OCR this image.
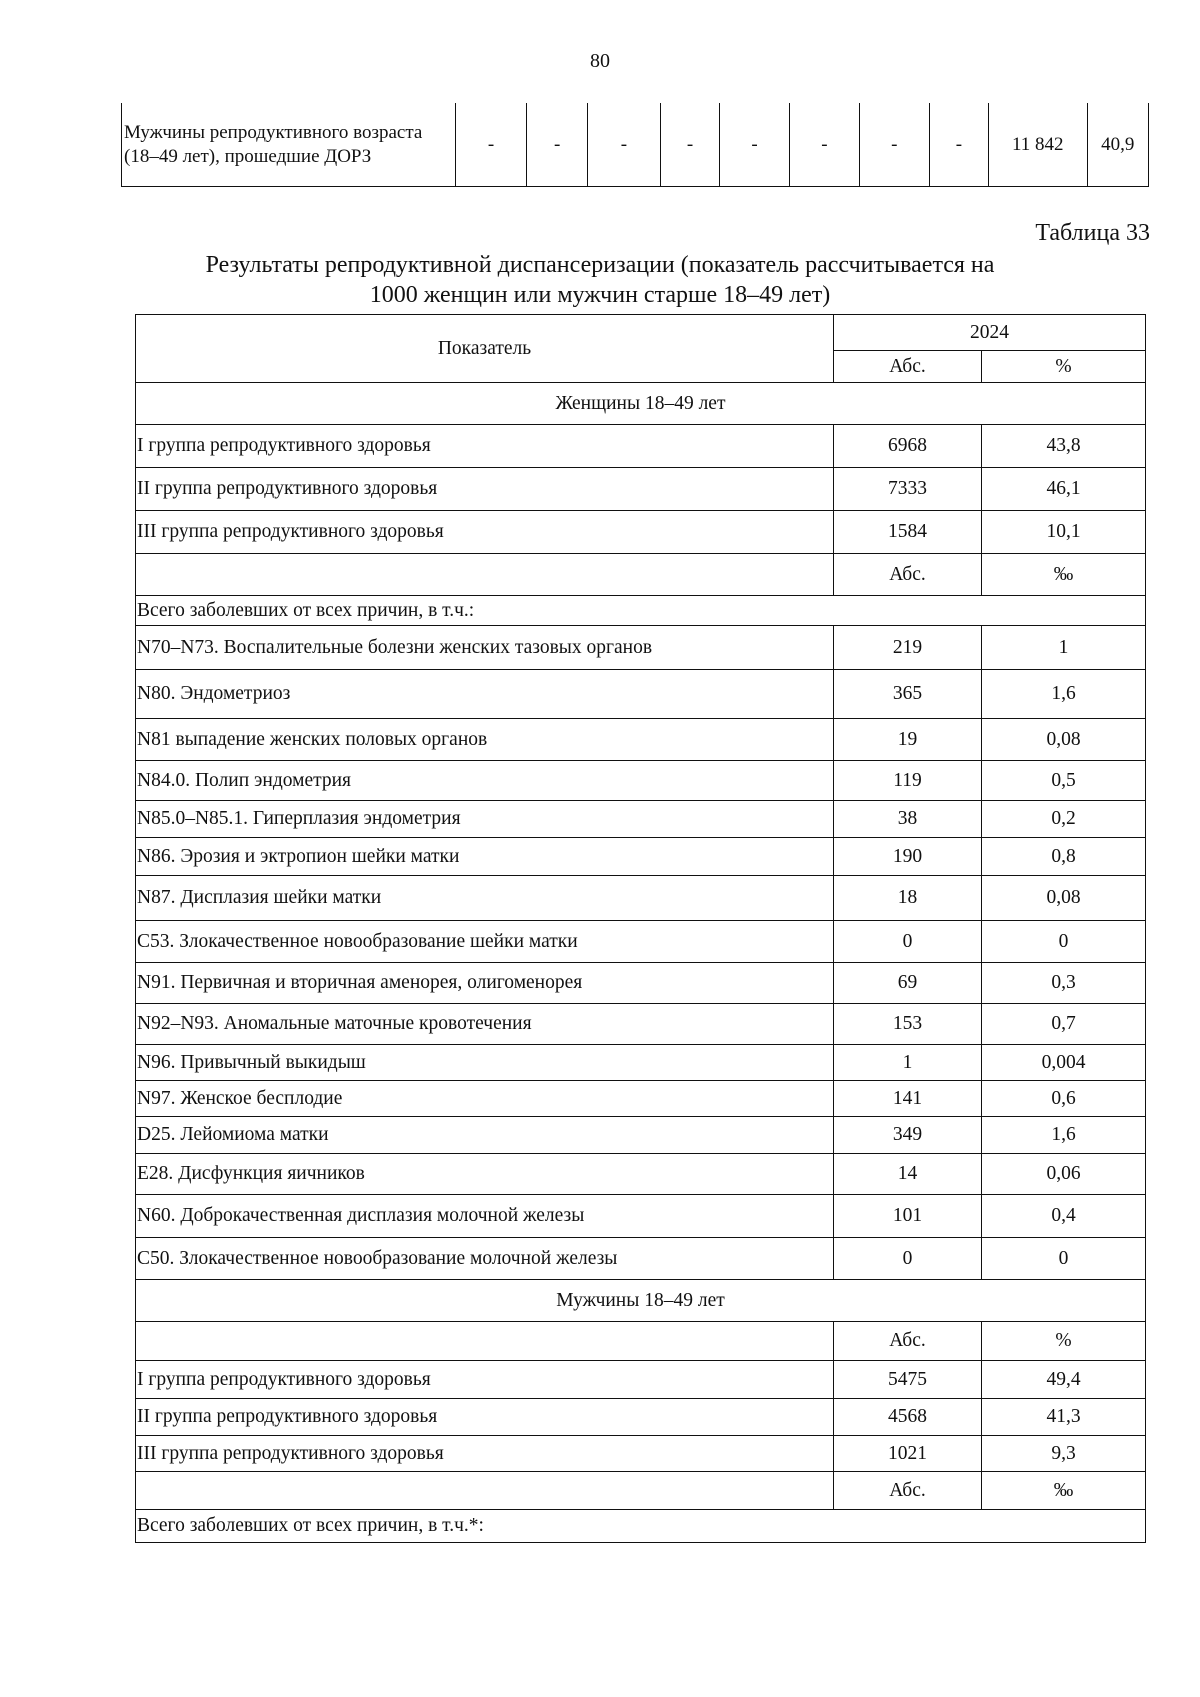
80
Мужчины репродуктивного возраста (18–49 лет), прошедшие ДОРЗ	-	-	-	-	-	-	-	-	11 842	40,9
Таблица 33
Результаты репродуктивной диспансеризации (показатель рассчитывается на 1000 женщин или мужчин старше 18–49 лет)
Показатель	2024	
	Абс.	%
Женщины 18–49 лет		
I группа репродуктивного здоровья	6968	43,8
II группа репродуктивного здоровья	7333	46,1
III группа репродуктивного здоровья	1584	10,1
	Абс.	‰
Всего заболевших от всех причин, в т.ч.:		
N70–N73. Воспалительные болезни женских тазовых органов	219	1
N80. Эндометриоз	365	1,6
N81 выпадение женских половых органов	19	0,08
N84.0. Полип эндометрия	119	0,5
N85.0–N85.1. Гиперплазия эндометрия	38	0,2
N86. Эрозия и эктропион шейки матки	190	0,8
N87. Дисплазия шейки матки	18	0,08
C53. Злокачественное новообразование шейки матки	0	0
N91. Первичная и вторичная аменорея, олигоменорея	69	0,3
N92–N93. Аномальные маточные кровотечения	153	0,7
N96. Привычный выкидыш	1	0,004
N97. Женское бесплодие	141	0,6
D25. Лейомиома матки	349	1,6
E28. Дисфункция яичников	14	0,06
N60. Доброкачественная дисплазия молочной железы	101	0,4
C50. Злокачественное новообразование молочной железы	0	0
Мужчины 18–49 лет		
	Абс.	%
I группа репродуктивного здоровья	5475	49,4
II группа репродуктивного здоровья	4568	41,3
III группа репродуктивного здоровья	1021	9,3
	Абс.	‰
Всего заболевших от всех причин, в т.ч.*:		
